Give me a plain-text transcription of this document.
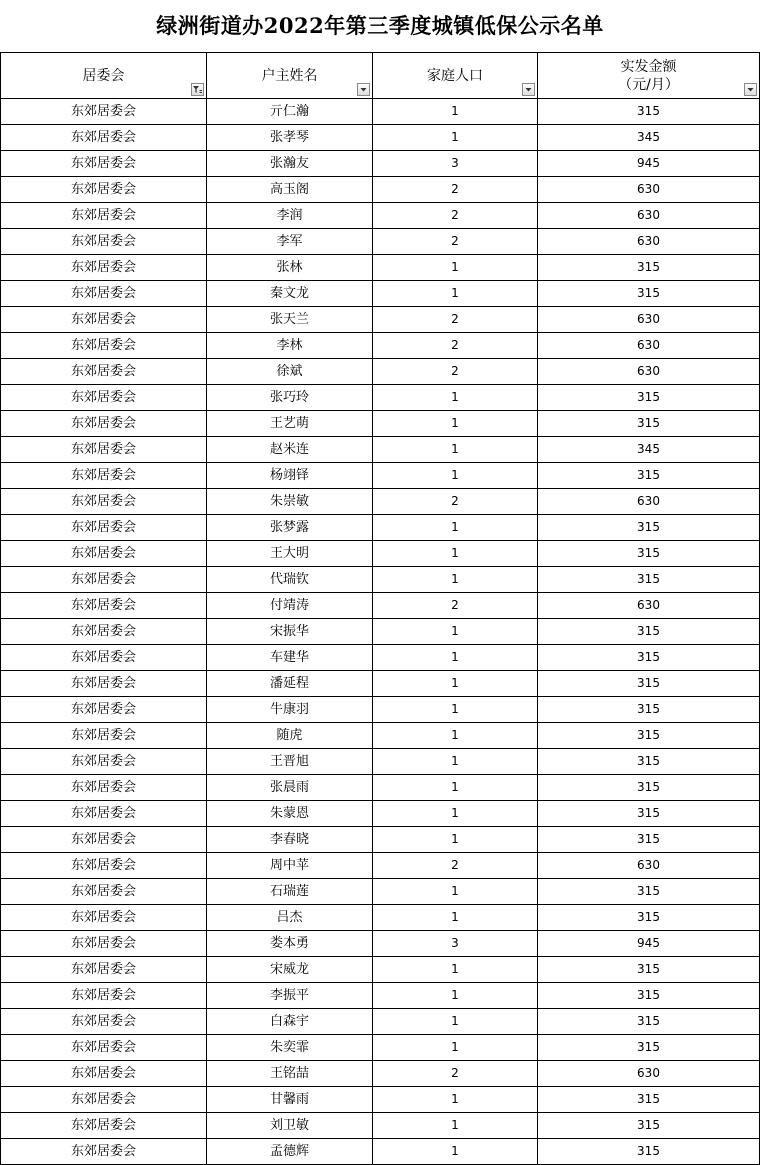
绿洲街道办2022年第三季度城镇低保公示名单
居委会	户主姓名	家庭人口	实发金额
（元/月）

东郊居委会	亓仁瀚	1	315
东郊居委会	张孝琴	1	345
东郊居委会	张瀚友	3	945
东郊居委会	高玉阁	2	630
东郊居委会	李润	2	630
东郊居委会	李军	2	630
东郊居委会	张林	1	315
东郊居委会	秦文龙	1	315
东郊居委会	张天兰	2	630
东郊居委会	李林	2	630
东郊居委会	徐斌	2	630
东郊居委会	张巧玲	1	315
东郊居委会	王艺萌	1	315
东郊居委会	赵米连	1	345
东郊居委会	杨翊铎	1	315
东郊居委会	朱崇敏	2	630
东郊居委会	张梦露	1	315
东郊居委会	王大明	1	315
东郊居委会	代瑞钦	1	315
东郊居委会	付靖涛	2	630
东郊居委会	宋振华	1	315
东郊居委会	车建华	1	315
东郊居委会	潘延程	1	315
东郊居委会	牛康羽	1	315
东郊居委会	随虎	1	315
东郊居委会	王晋旭	1	315
东郊居委会	张晨雨	1	315
东郊居委会	朱蒙恩	1	315
东郊居委会	李春晓	1	315
东郊居委会	周中苹	2	630
东郊居委会	石瑞莲	1	315
东郊居委会	吕杰	1	315
东郊居委会	娄本勇	3	945
东郊居委会	宋威龙	1	315
东郊居委会	李振平	1	315
东郊居委会	白森宇	1	315
东郊居委会	朱奕霏	1	315
东郊居委会	王铭喆	2	630
东郊居委会	甘馨雨	1	315
东郊居委会	刘卫敏	1	315
东郊居委会	孟德辉	1	315
